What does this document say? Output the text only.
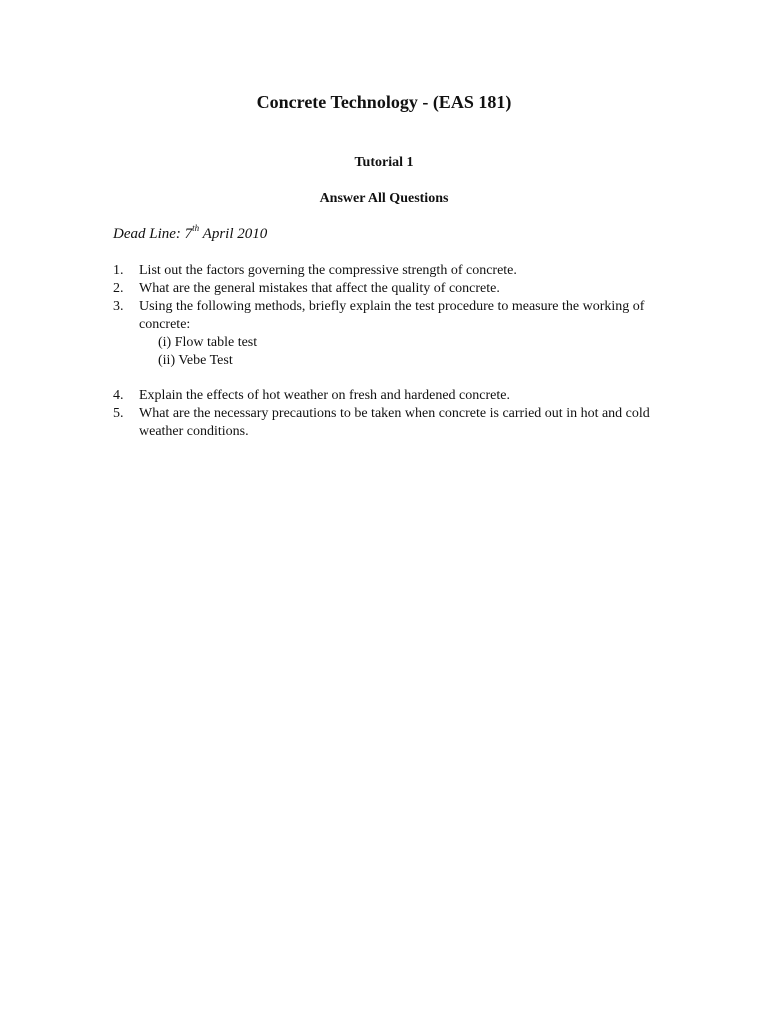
Concrete Technology - (EAS 181)

Tutorial 1

Answer All Questions

Dead Line: 7th April 2010

1. List out the factors governing the compressive strength of concrete.
2. What are the general mistakes that affect the quality of concrete.
3. Using the following methods, briefly explain the test procedure to measure the working of concrete:
(i) Flow table test
(ii) Vebe Test
4. Explain the effects of hot weather on fresh and hardened concrete.
5. What are the necessary precautions to be taken when concrete is carried out in hot and cold weather conditions.
